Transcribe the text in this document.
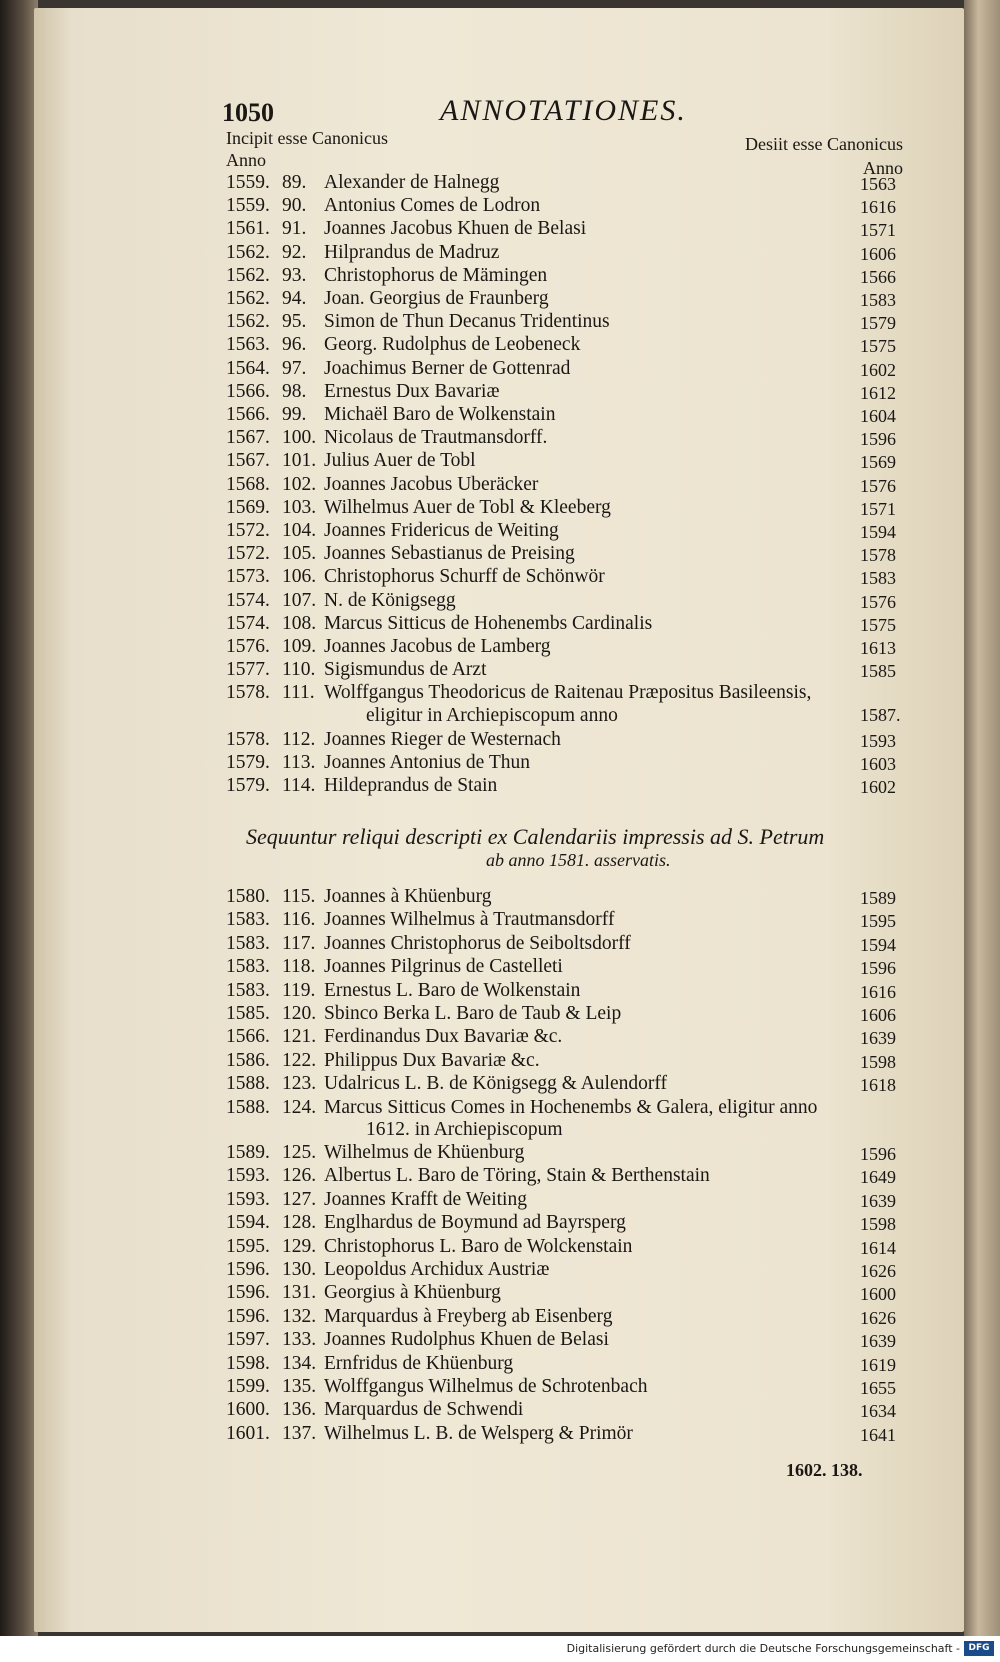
1050	ANNOTATIONES.
Incipit esse Canonicus
Anno
Desiit esse Canonicus
Anno
1559. 89. Alexander de Halnegg	1563
1559. 90. Antonius Comes de Lodron	1616
1561. 91. Joannes Jacobus Khuen de Belasi	1571
1562. 92. Hilprandus de Madruz	1606
1562. 93. Christophorus de Mämingen	1566
1562. 94. Joan. Georgius de Fraunberg	1583
1562. 95. Simon de Thun Decanus Tridentinus	1579
1563. 96. Georg. Rudolphus de Leobeneck	1575
1564. 97. Joachimus Berner de Gottenrad	1602
1566. 98. Ernestus Dux Bavariæ	1612
1566. 99. Michaël Baro de Wolkenstain	1604
1567. 100. Nicolaus de Trautmansdorff.	1596
1567. 101. Julius Auer de Tobl	1569
1568. 102. Joannes Jacobus Uberäcker	1576
1569. 103. Wilhelmus Auer de Tobl & Kleeberg	1571
1572. 104. Joannes Fridericus de Weiting	1594
1572. 105. Joannes Sebastianus de Preising	1578
1573. 106. Christophorus Schurff de Schönwör	1583
1574. 107. N. de Königsegg	1576
1574. 108. Marcus Sitticus de Hohenembs Cardinalis	1575
1576. 109. Joannes Jacobus de Lamberg	1613
1577. 110. Sigismundus de Arzt	1585
1578. 111. Wolffgangus Theodoricus de Raitenau Præpositus Basileensis,
eligitur in Archiepiscopum anno	1587.
1578. 112. Joannes Rieger de Westernach	1593
1579. 113. Joannes Antonius de Thun	1603
1579. 114. Hildeprandus de Stain	1602
Sequuntur reliqui descripti ex Calendariis impressis ad S. Petrum
ab anno 1581. asservatis.
1580. 115. Joannes à Khüenburg	1589
1583. 116. Joannes Wilhelmus à Trautmansdorff	1595
1583. 117. Joannes Christophorus de Seiboltsdorff	1594
1583. 118. Joannes Pilgrinus de Castelleti	1596
1583. 119. Ernestus L. Baro de Wolkenstain	1616
1585. 120. Sbinco Berka L. Baro de Taub & Leip	1606
1566. 121. Ferdinandus Dux Bavariæ &c.	1639
1586. 122. Philippus Dux Bavariæ &c.	1598
1588. 123. Udalricus L. B. de Königsegg & Aulendorff	1618
1588. 124. Marcus Sitticus Comes in Hochenembs & Galera, eligitur anno
1612. in Archiepiscopum
1589. 125. Wilhelmus de Khüenburg	1596
1593. 126. Albertus L. Baro de Töring, Stain & Berthenstain	1649
1593. 127. Joannes Krafft de Weiting	1639
1594. 128. Englhardus de Boymund ad Bayrsperg	1598
1595. 129. Christophorus L. Baro de Wolckenstain	1614
1596. 130. Leopoldus Archidux Austriæ	1626
1596. 131. Georgius à Khüenburg	1600
1596. 132. Marquardus à Freyberg ab Eisenberg	1626
1597. 133. Joannes Rudolphus Khuen de Belasi	1639
1598. 134. Ernfridus de Khüenburg	1619
1599. 135. Wolffgangus Wilhelmus de Schrotenbach	1655
1600. 136. Marquardus de Schwendi	1634
1601. 137. Wilhelmus L. B. de Welsperg & Primör	1641
1602. 138.
Digitalisierung gefördert durch die Deutsche Forschungsgemeinschaft - DFG
